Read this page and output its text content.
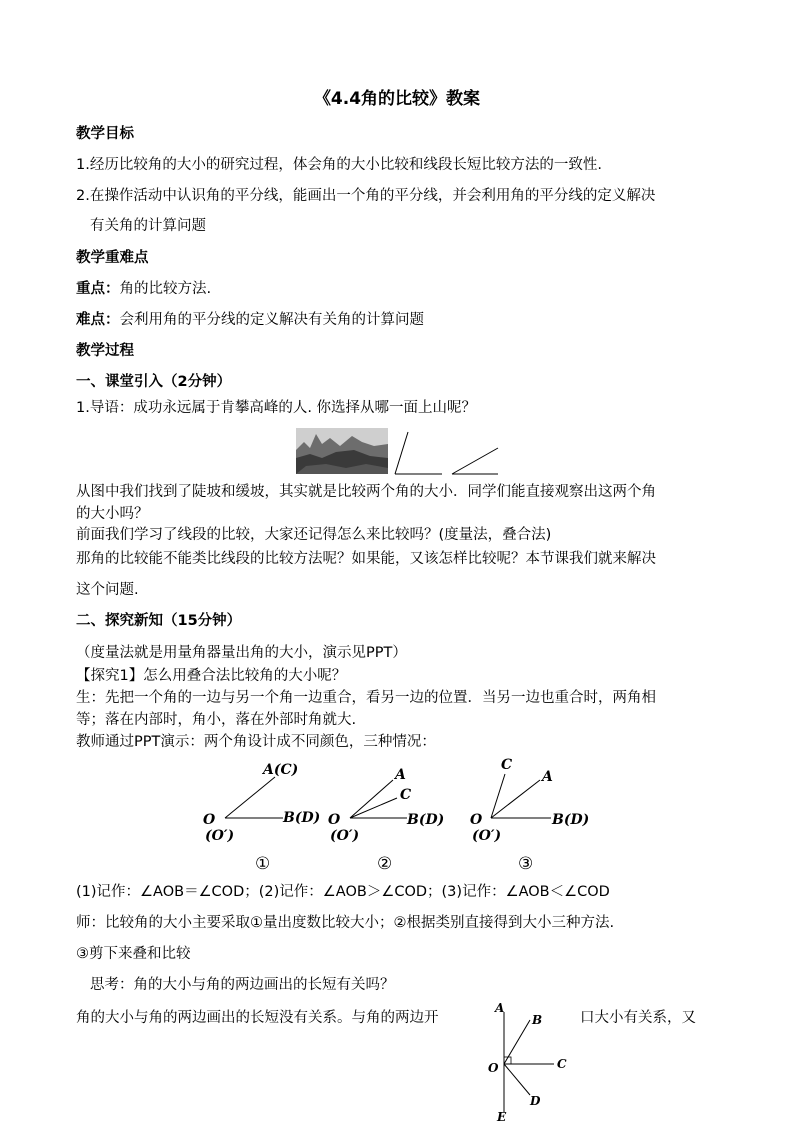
《4.4角的比较》教案
教学目标
1.经历比较角的大小的研究过程，体会角的大小比较和线段长短比较方法的一致性.
2.在操作活动中认识角的平分线，能画出一个角的平分线，并会利用角的平分线的定义解决
有关角的计算问题
教学重难点
重点：角的比较方法.
难点：会利用角的平分线的定义解决有关角的计算问题
教学过程
一、课堂引入（2分钟）
1.导语：成功永远属于肯攀高峰的人. 你选择从哪一面上山呢？
从图中我们找到了陡坡和缓坡，其实就是比较两个角的大小．同学们能直接观察出这两个角
的大小吗？
前面我们学习了线段的比较，大家还记得怎么来比较吗？(度量法，叠合法)
那角的比较能不能类比线段的比较方法呢？如果能，又该怎样比较呢？本节课我们就来解决
这个问题.
二、探究新知（15分钟）
（度量法就是用量角器量出角的大小，演示见PPT）
【探究1】怎么用叠合法比较角的大小呢？
生：先把一个角的一边与另一个角一边重合，看另一边的位置．当另一边也重合时，两角相
等；落在内部时，角小，落在外部时角就大.
教师通过PPT演示：两个角设计成不同颜色，三种情况：
A(C)
O
(O′)
B(D)
①
A
C
O
(O′)
B(D)
②
C
A
O
(O′)
B(D)
③
(1)记作：∠AOB＝∠COD；(2)记作：∠AOB＞∠COD；(3)记作：∠AOB＜∠COD
师：比较角的大小主要采取①量出度数比较大小；②根据类别直接得到大小三种方法.
③剪下来叠和比较
思考：角的大小与角的两边画出的长短有关吗？
角的大小与角的两边画出的长短没有关系。与角的两边开	口大小有关系，又
A
B
C
O
D
E
